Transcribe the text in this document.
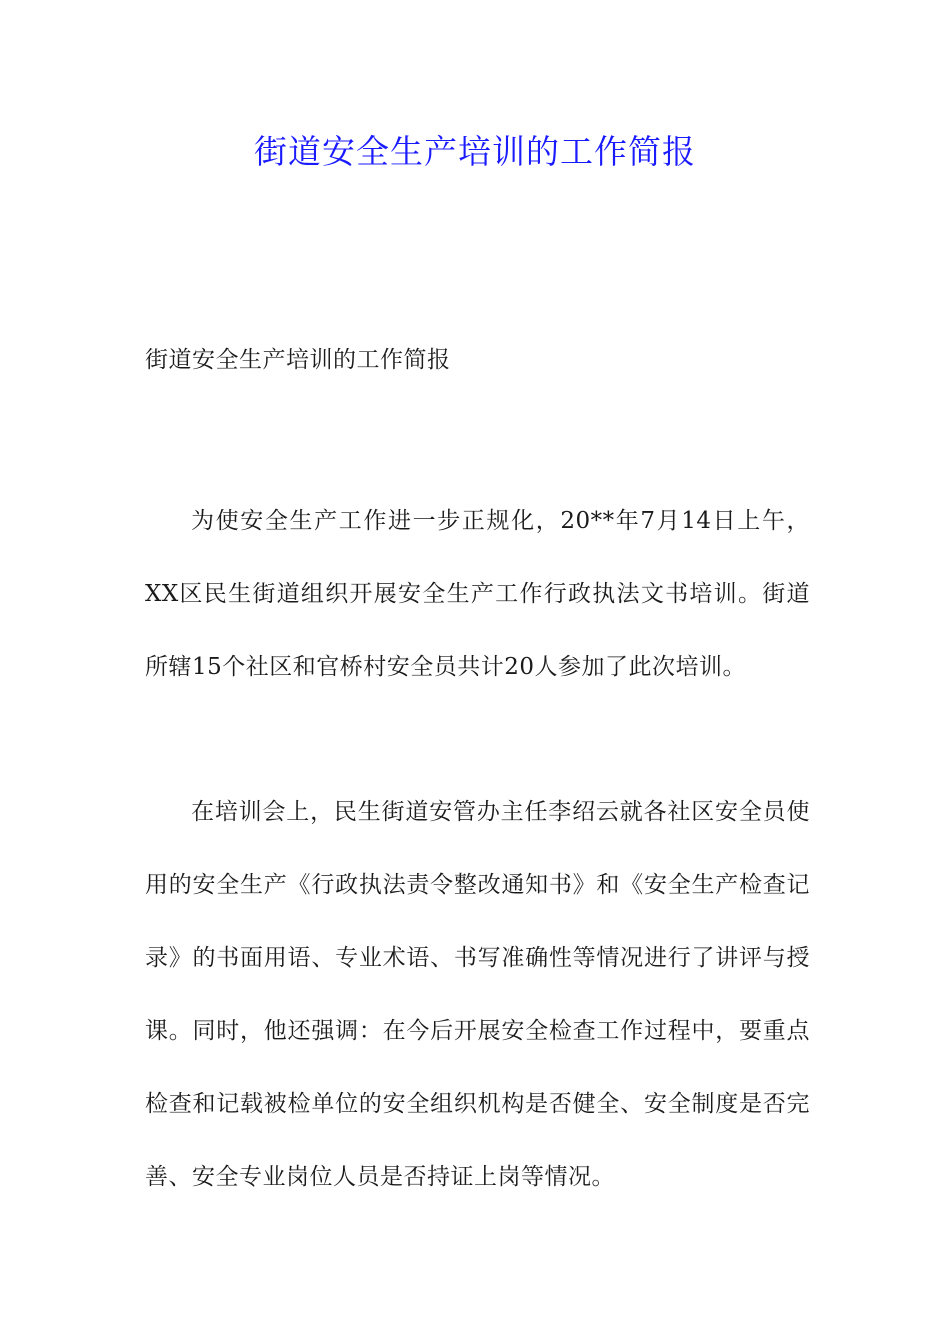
街道安全生产培训的工作简报

街道安全生产培训的工作简报

为使安全生产工作进一步正规化，20**年7月14日上午，XX区民生街道组织开展安全生产工作行政执法文书培训。街道所辖15个社区和官桥村安全员共计20人参加了此次培训。

在培训会上，民生街道安管办主任李绍云就各社区安全员使用的安全生产《行政执法责令整改通知书》和《安全生产检查记录》的书面用语、专业术语、书写准确性等情况进行了讲评与授课。同时，他还强调：在今后开展安全检查工作过程中，要重点检查和记载被检单位的安全组织机构是否健全、安全制度是否完善、安全专业岗位人员是否持证上岗等情况。
